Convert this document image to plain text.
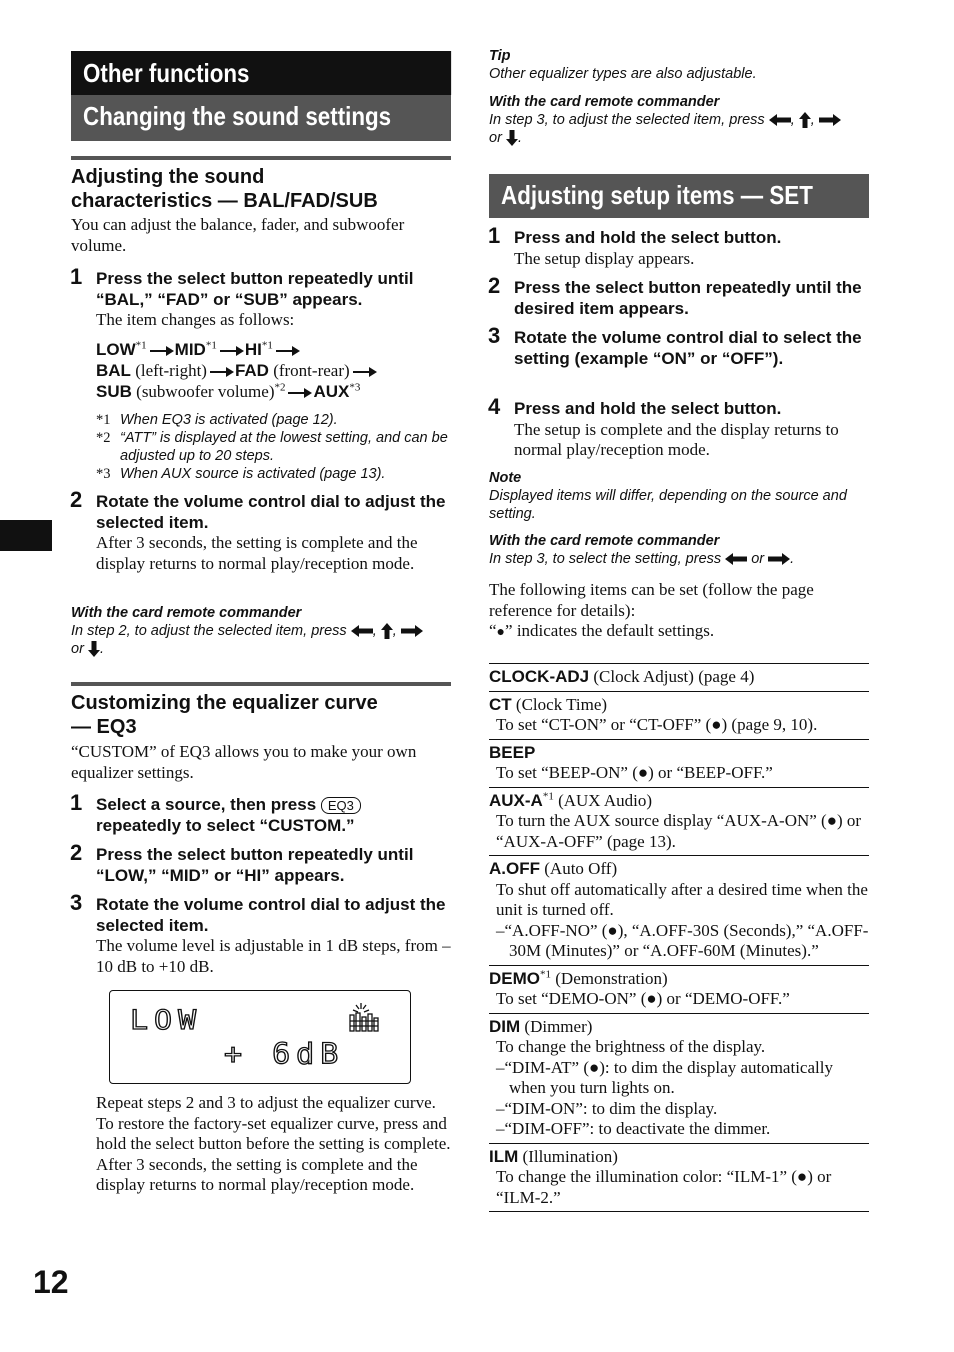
Other functions
Changing the sound settings
Adjusting the sound
characteristics — BAL/FAD/SUB
You can adjust the balance, fader, and subwoofer volume.
1 Press the select button repeatedly until “BAL,” “FAD” or “SUB” appears.
The item changes as follows:
LOW$^{*1}$ MID$^{*1}$ HI$^{*1}$
BAL (left-right) FAD (front-rear)
SUB (subwoofer volume)$^{*2}$ AUX$^{*3}$
*1 When EQ3 is activated (page 12).
*2 “ATT” is displayed at the lowest setting, and can be adjusted up to 20 steps.
*3 When AUX source is activated (page 13).
2 Rotate the volume control dial to adjust the selected item.
After 3 seconds, the setting is complete and the display returns to normal play/reception mode.
With the card remote commander
In step 2, to adjust the selected item, press , ,
or .
Customizing the equalizer curve
— EQ3
“CUSTOM” of EQ3 allows you to make your own equalizer settings.
1 Select a source, then press EQ3
repeatedly to select “CUSTOM.”
2 Press the select button repeatedly until “LOW,” “MID” or “HI” appears.
3 Rotate the volume control dial to adjust the selected item.
The volume level is adjustable in 1 dB steps, from –10 dB to +10 dB.
LOW
+ 6dB
Repeat steps 2 and 3 to adjust the equalizer curve.
To restore the factory-set equalizer curve, press and hold the select button before the setting is complete.
After 3 seconds, the setting is complete and the display returns to normal play/reception mode.
Tip
Other equalizer types are also adjustable.
With the card remote commander
In step 3, to adjust the selected item, press , ,
or .
Adjusting setup items — SET
1 Press and hold the select button.
The setup display appears.
2 Press the select button repeatedly until the desired item appears.
3 Rotate the volume control dial to select the setting (example “ON” or “OFF”).
4 Press and hold the select button.
The setup is complete and the display returns to normal play/reception mode.
Note
Displayed items will differ, depending on the source and setting.
With the card remote commander
In step 3, to select the setting, press or .
The following items can be set (follow the page reference for details):
“●” indicates the default settings.
CLOCK-ADJ (Clock Adjust) (page 4)
CT (Clock Time)
To set “CT-ON” or “CT-OFF” (●) (page 9, 10).
BEEP
To set “BEEP-ON” (●) or “BEEP-OFF.”
AUX-$A^{*1}$ (AUX Audio)
To turn the AUX source display “AUX-A-ON” (●) or “AUX-A-OFF” (page 13).
A.OFF (Auto Off)
To shut off automatically after a desired time when the unit is turned off.
–“A.OFF-NO” (●), “A.OFF-30S (Seconds),” “A.OFF-30M (Minutes)” or “A.OFF-60M (Minutes).”
DEMO$^{*1}$ (Demonstration)
To set “DEMO-ON” (●) or “DEMO-OFF.”
DIM (Dimmer)
To change the brightness of the display.
–“DIM-AT” (●): to dim the display automatically when you turn lights on.
–“DIM-ON”: to dim the display.
–“DIM-OFF”: to deactivate the dimmer.
ILM (Illumination)
To change the illumination color: “ILM-1” (●) or “ILM-2.”
12
